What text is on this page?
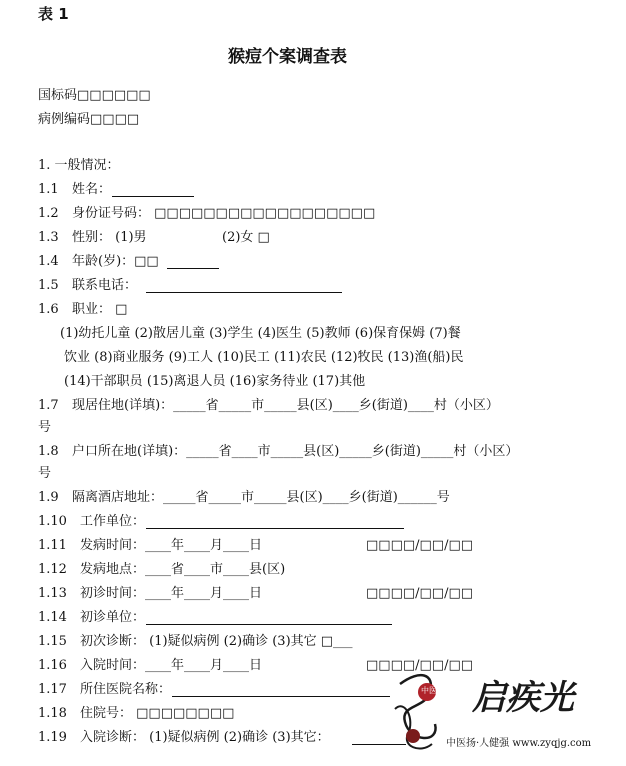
表 1
猴痘个案调查表
国标码□□□□□□
病例编码□□□□
1. 一般情况：
1.1 姓名：
1.2 身份证号码： □□□□□□□□□□□□□□□□□□
1.3 性别： (1)男	(2)女 □
1.4 年龄(岁)：□□
1.5 联系电话：
1.6 职业： □
(1)幼托儿童 (2)散居儿童 (3)学生 (4)医生 (5)教师 (6)保育保姆 (7)餐
饮业 (8)商业服务 (9)工人 (10)民工 (11)农民 (12)牧民 (13)渔(船)民
(14)干部职员 (15)离退人员 (16)家务待业 (17)其他
1.7 现居住地(详填)：_____省_____市_____县(区)____乡(街道)____村（小区）
号
1.8 户口所在地(详填)：_____省____市_____县(区)_____乡(街道)_____村（小区）
号
1.9 隔离酒店地址：_____省_____市_____县(区)____乡(街道)______号
1.10 工作单位：
1.11 发病时间：____年____月____日	□□□□/□□/□□
1.12 发病地点：____省____市____县(区)
1.13 初诊时间：____年____月____日	□□□□/□□/□□
1.14 初诊单位：
1.15 初次诊断： (1)疑似病例 (2)确诊 (3)其它 □___
1.16 入院时间：____年____月____日	□□□□/□□/□□
1.17 所住医院名称：
1.18 住院号： □□□□□□□□
1.19 入院诊断： (1)疑似病例 (2)确诊 (3)其它：
中医 启疾光
中医扬·人健强 www.zyqjg.com
